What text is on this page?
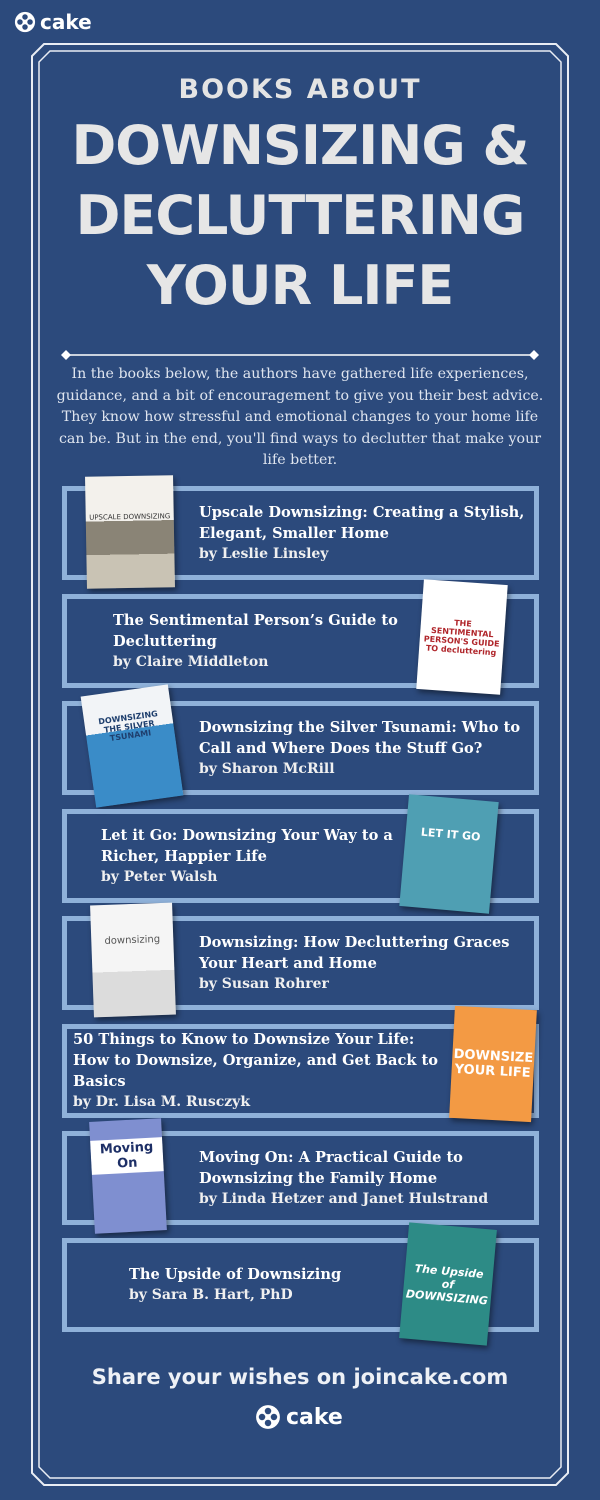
cake
BOOKS ABOUT
DOWNSIZING &
DECLUTTERING
YOUR LIFE
In the books below, the authors have gathered life experiences, guidance, and a bit of encouragement to give you their best advice. They know how stressful and emotional changes to your home life can be. But in the end, you'll find ways to declutter that make your life better.
Upscale Downsizing: Creating a Stylish, Elegant, Smaller Home
by Leslie Linsley
UPSCALE DOWNSIZING
The Sentimental Person’s Guide to Decluttering
by Claire Middleton
THE SENTIMENTAL PERSON'S GUIDE TO decluttering
Downsizing the Silver Tsunami: Who to Call and Where Does the Stuff Go?
by Sharon McRill
DOWNSIZING THE SILVER TSUNAMI
Let it Go: Downsizing Your Way to a Richer, Happier Life
by Peter Walsh
LET IT GO
Downsizing: How Decluttering Graces Your Heart and Home
by Susan Rohrer
downsizing
50 Things to Know to Downsize Your Life: How to Downsize, Organize, and Get Back to Basics
by Dr. Lisa M. Rusczyk
DOWNSIZE YOUR LIFE
Moving On: A Practical Guide to Downsizing the Family Home
by Linda Hetzer and Janet Hulstrand
Moving On
The Upside of Downsizing
by Sara B. Hart, PhD
The Upside of DOWNSIZING
Share your wishes on joincake.com
cake
